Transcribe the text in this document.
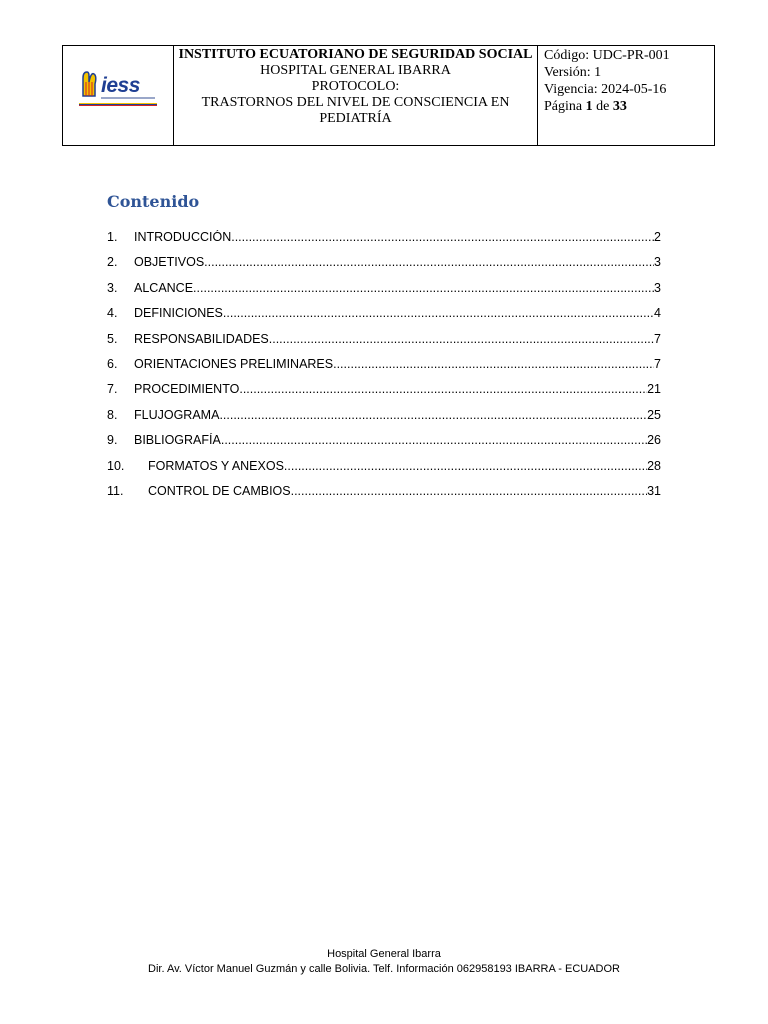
iess

INSTITUTO ECUATORIANO DE SEGURIDAD SOCIAL
HOSPITAL GENERAL IBARRA
PROTOCOLO:
TRASTORNOS DEL NIVEL DE CONSCIENCIA EN PEDIATRÍA

Código: UDC-PR-001
Versión: 1
Vigencia: 2024-05-16
Página 1 de 33
Contenido
1.	INTRODUCCIÓN .....	2
2.	OBJETIVOS .....	3
3.	ALCANCE .....	3
4.	DEFINICIONES .....	4
5.	RESPONSABILIDADES .....	7
6.	ORIENTACIONES PRELIMINARES .....	7
7.	PROCEDIMIENTO .....	21
8.	FLUJOGRAMA .....	25
9.	BIBLIOGRAFÍA .....	26
10.	FORMATOS Y ANEXOS .....	28
11.	CONTROL DE CAMBIOS .....	31
Hospital General Ibarra
Dir. Av. Víctor Manuel Guzmán y calle Bolivia. Telf. Información 062958193 IBARRA - ECUADOR
